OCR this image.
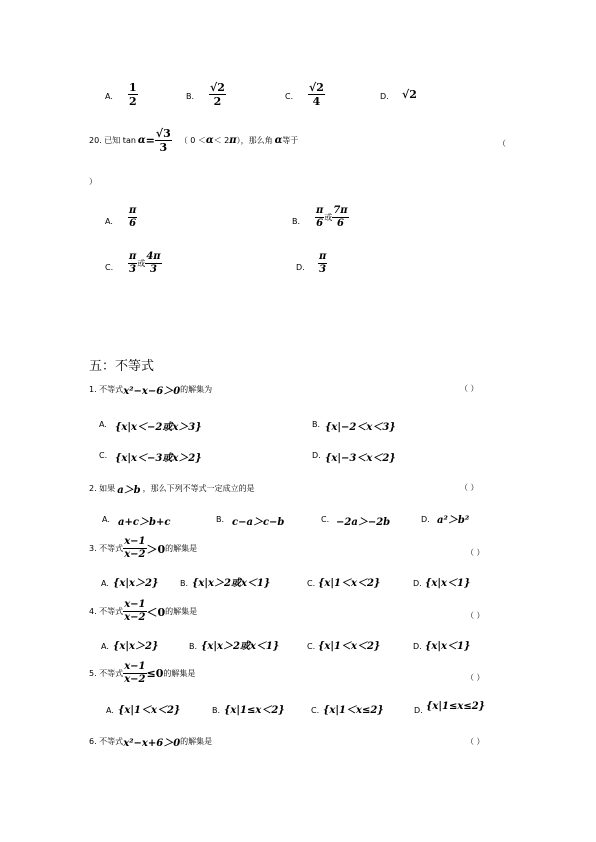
A. $\frac{1}{2}$	B. $\frac{√2}{2}$	C. $\frac{√2}{4}$	D. √2
20. 已知 $\tan \alpha = \frac{√3}{3}$ （ 0 ＜ α ＜ 2 π ），那么角 α 等于	（
）
A. $\frac{\pi}{6}$	B. $\frac{\pi}{6}$ 或 $\frac{7\pi}{6}$
C. $\frac{\pi}{3}$ 或 $\frac{4\pi}{3}$	D. $\frac{\pi}{3}$
五：不等式
1. 不等式 x²−x−6＞0 的解集为	（ ）
A. {x|x＜−2或x＞3}	B. {x|−2＜x＜3}
C. {x|x＜−3或x＞2}	D. {x|−3＜x＜2}
2. 如果 a＞b ，那么下列不等式一定成立的是	（ ）
A. a+c＞b+c	B. c−a＞c−b	C. −2a＞−2b	D. a²＞b²
3. 不等式 $\frac{x-1}{x-2} >0$ 的解集是	（ ）
A. {x|x＞2}	B. {x|x＞2或x＜1}	C. {x|1＜x＜2}	D. {x|x＜1}
4. 不等式 $\frac{x-1}{x-2} <0$ 的解集是	（ ）
A. {x|x＞2}	B. {x|x＞2或x＜1}	C. {x|1＜x＜2}	D. {x|x＜1}
5. 不等式 $\frac{x-1}{x-2} \le 0$ 的解集是	（ ）
A. {x|1＜x＜2}	B. {x|1≤x＜2}	C. {x|1＜x≤2}	D. {x|1≤x≤2}
6. 不等式 x²−x+6＞0 的解集是	（ ）
